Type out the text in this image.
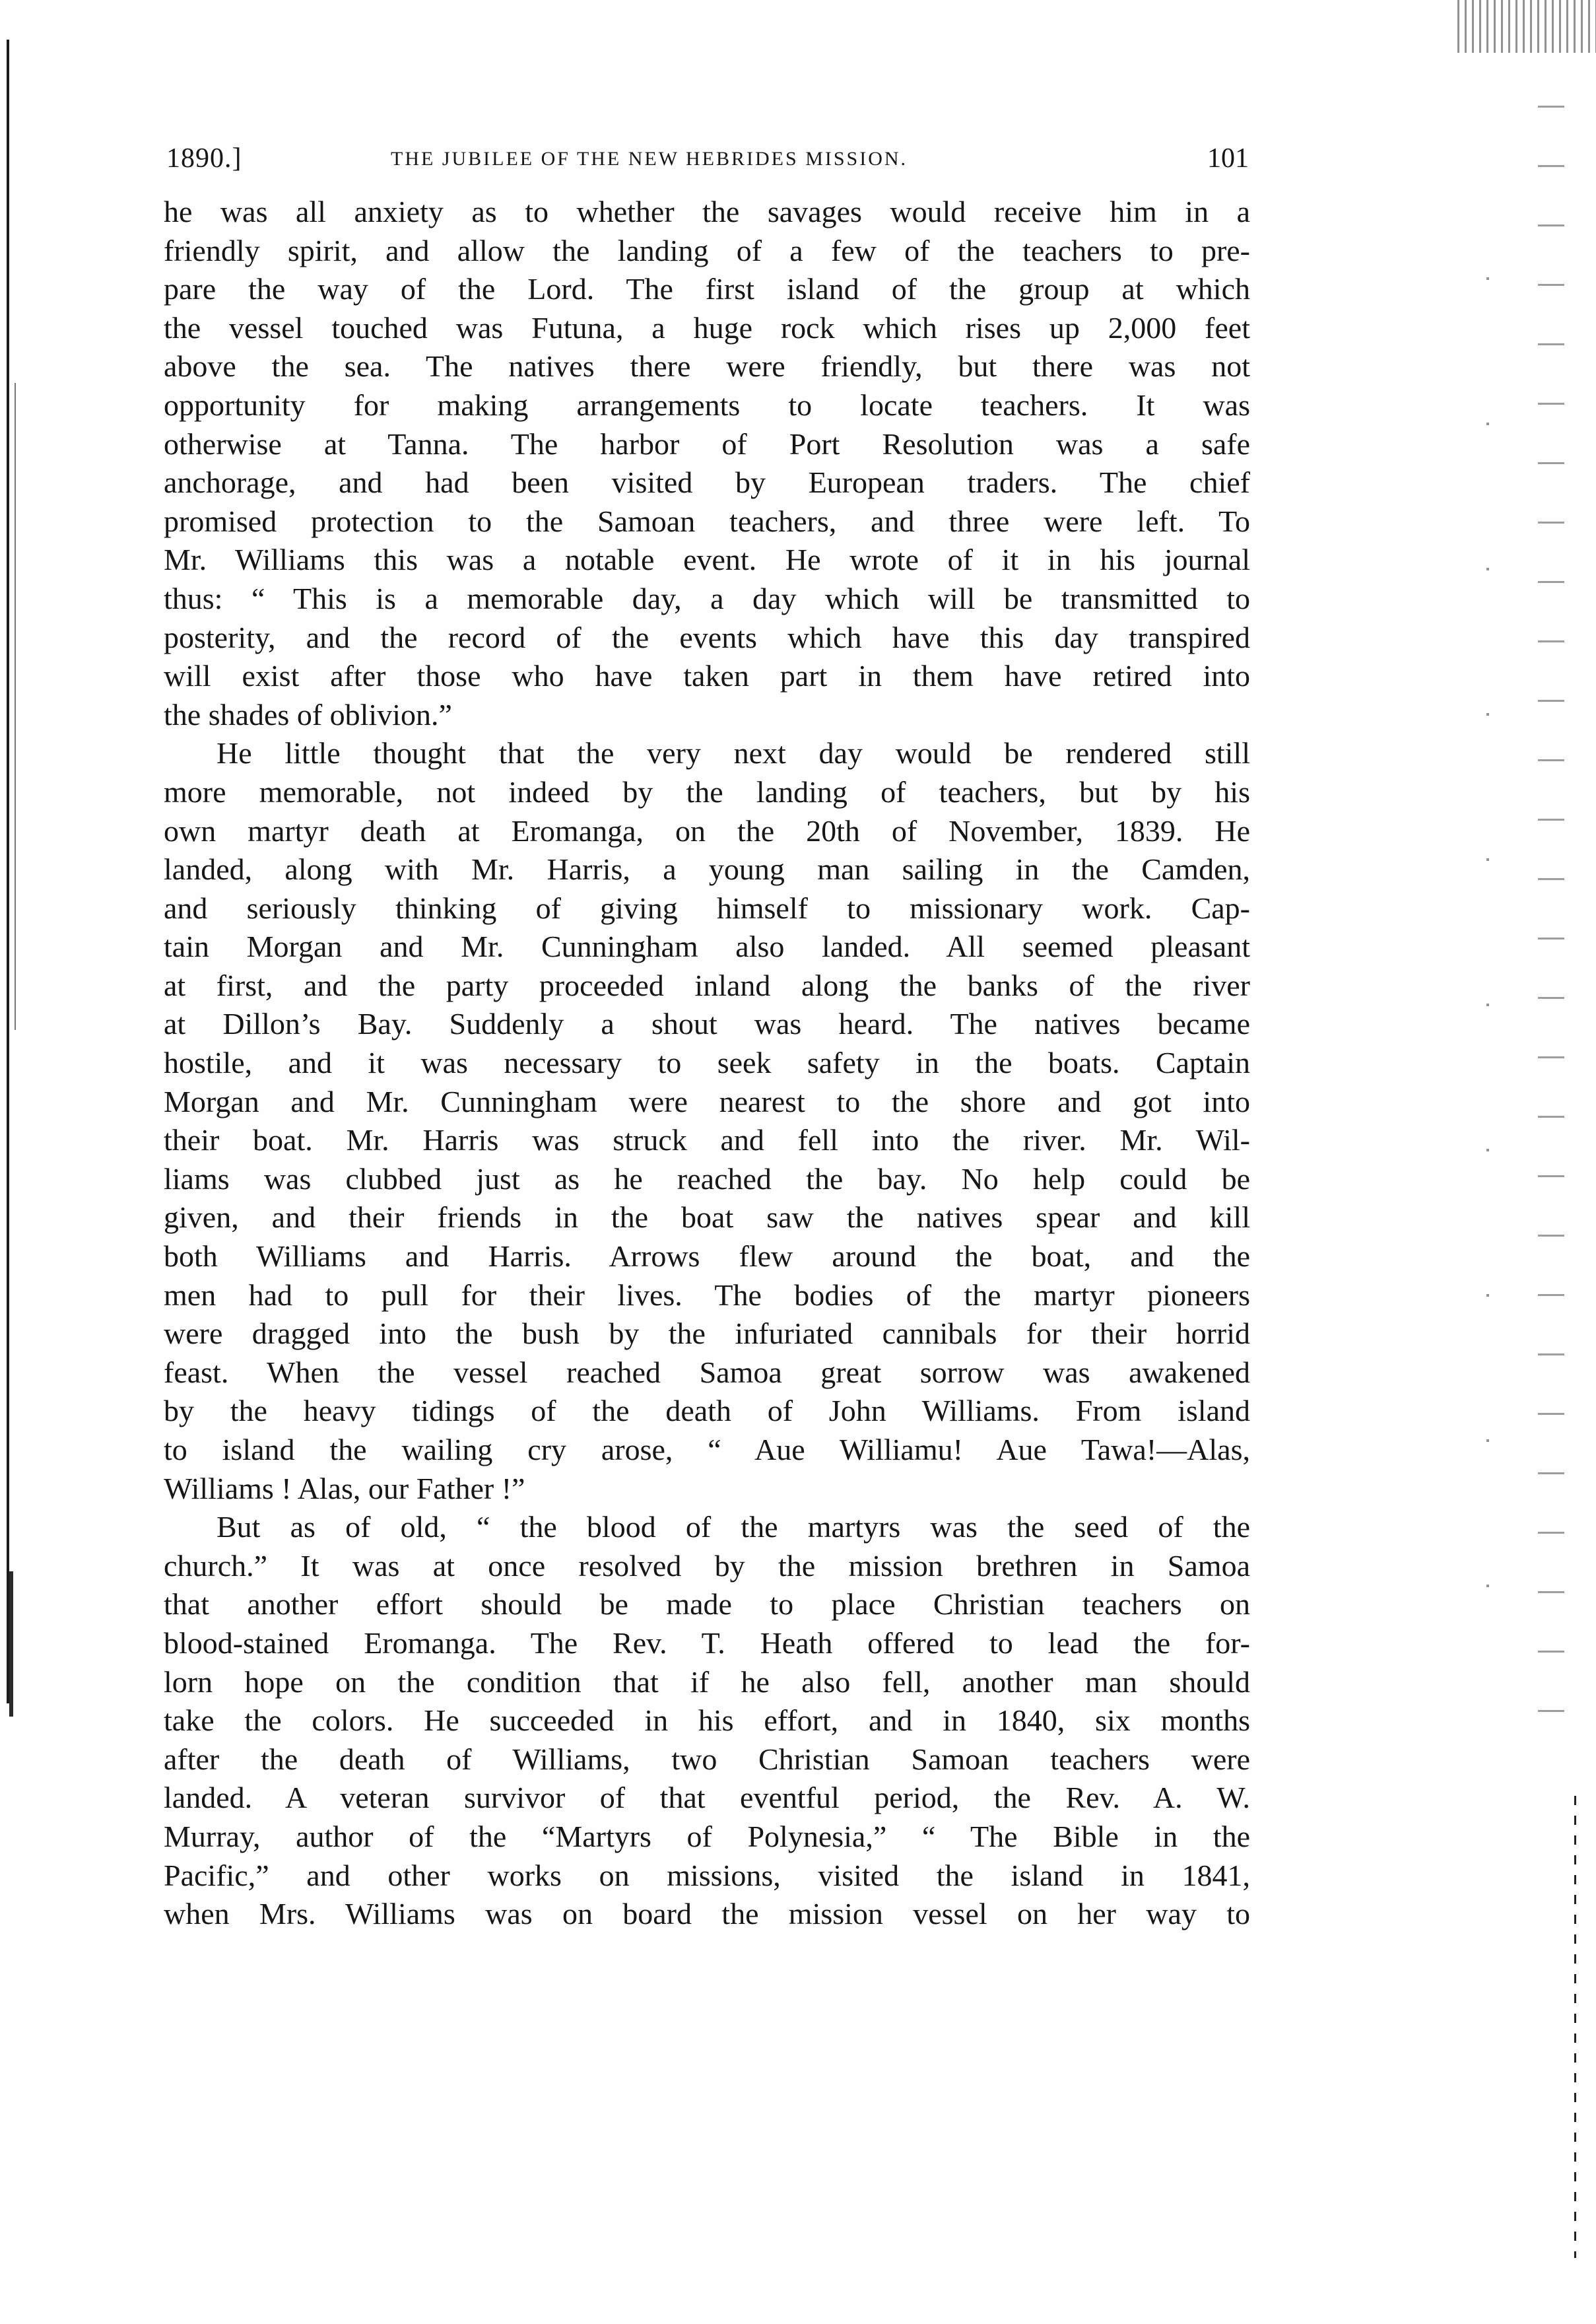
1890.]	THE JUBILEE OF THE NEW HEBRIDES MISSION.	101
he was all anxiety as to whether the savages would receive him in a
friendly spirit, and allow the landing of a few of the teachers to pre-
pare the way of the Lord. The first island of the group at which
the vessel touched was Futuna, a huge rock which rises up 2,000 feet
above the sea. The natives there were friendly, but there was not
opportunity for making arrangements to locate teachers. It was
otherwise at Tanna. The harbor of Port Resolution was a safe
anchorage, and had been visited by European traders. The chief
promised protection to the Samoan teachers, and three were left. To
Mr. Williams this was a notable event. He wrote of it in his journal
thus: “ This is a memorable day, a day which will be transmitted to
posterity, and the record of the events which have this day transpired
will exist after those who have taken part in them have retired into
the shades of oblivion.”
He little thought that the very next day would be rendered still
more memorable, not indeed by the landing of teachers, but by his
own martyr death at Eromanga, on the 20th of November, 1839. He
landed, along with Mr. Harris, a young man sailing in the Camden,
and seriously thinking of giving himself to missionary work. Cap-
tain Morgan and Mr. Cunningham also landed. All seemed pleasant
at first, and the party proceeded inland along the banks of the river
at Dillon’s Bay. Suddenly a shout was heard. The natives became
hostile, and it was necessary to seek safety in the boats. Captain
Morgan and Mr. Cunningham were nearest to the shore and got into
their boat. Mr. Harris was struck and fell into the river. Mr. Wil-
liams was clubbed just as he reached the bay. No help could be
given, and their friends in the boat saw the natives spear and kill
both Williams and Harris. Arrows flew around the boat, and the
men had to pull for their lives. The bodies of the martyr pioneers
were dragged into the bush by the infuriated cannibals for their horrid
feast. When the vessel reached Samoa great sorrow was awakened
by the heavy tidings of the death of John Williams. From island
to island the wailing cry arose, “ Aue Williamu! Aue Tawa!—Alas,
Williams ! Alas, our Father !”
But as of old, “ the blood of the martyrs was the seed of the
church.” It was at once resolved by the mission brethren in Samoa
that another effort should be made to place Christian teachers on
blood-stained Eromanga. The Rev. T. Heath offered to lead the for-
lorn hope on the condition that if he also fell, another man should
take the colors. He succeeded in his effort, and in 1840, six months
after the death of Williams, two Christian Samoan teachers were
landed. A veteran survivor of that eventful period, the Rev. A. W.
Murray, author of the “Martyrs of Polynesia,” “ The Bible in the
Pacific,” and other works on missions, visited the island in 1841,
when Mrs. Williams was on board the mission vessel on her way to
